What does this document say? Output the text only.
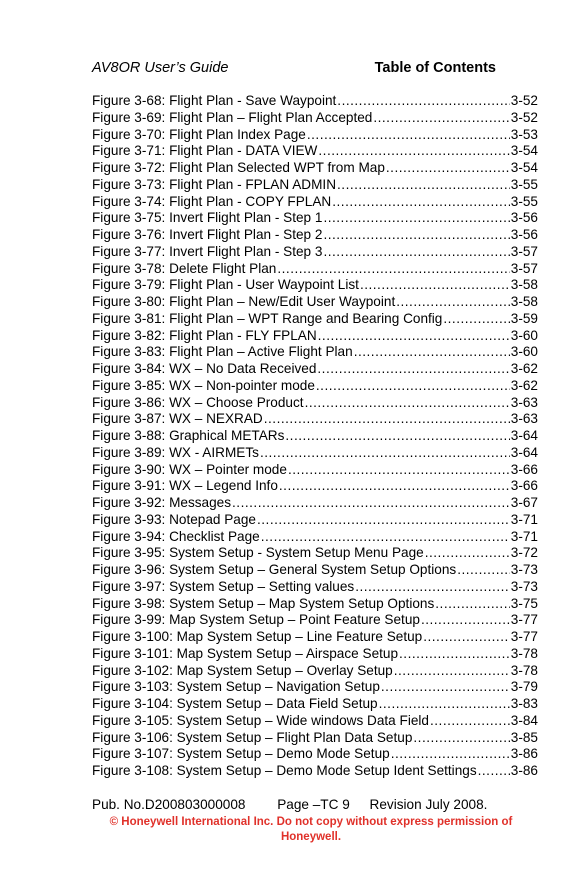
AV8OR User’s Guide	Table of Contents
Figure 3-68: Flight Plan - Save Waypoint .....	3-52
Figure 3-69: Flight Plan – Flight Plan Accepted .....	3-52
Figure 3-70: Flight Plan Index Page .....	3-53
Figure 3-71: Flight Plan - DATA VIEW .....	3-54
Figure 3-72: Flight Plan Selected WPT from Map .....	3-54
Figure 3-73: Flight Plan - FPLAN ADMIN .....	3-55
Figure 3-74: Flight Plan - COPY FPLAN .....	3-55
Figure 3-75: Invert Flight Plan - Step 1 .....	3-56
Figure 3-76: Invert Flight Plan - Step 2 .....	3-56
Figure 3-77: Invert Flight Plan - Step 3 .....	3-57
Figure 3-78: Delete Flight Plan .....	3-57
Figure 3-79: Flight Plan - User Waypoint List .....	3-58
Figure 3-80: Flight Plan – New/Edit User Waypoint .....	3-58
Figure 3-81: Flight Plan – WPT Range and Bearing Config .....	3-59
Figure 3-82: Flight Plan - FLY FPLAN .....	3-60
Figure 3-83: Flight Plan – Active Flight Plan .....	3-60
Figure 3-84: WX – No Data Received .....	3-62
Figure 3-85: WX – Non-pointer mode .....	3-62
Figure 3-86: WX – Choose Product .....	3-63
Figure 3-87: WX – NEXRAD .....	3-63
Figure 3-88: Graphical METARs .....	3-64
Figure 3-89: WX - AIRMETs .....	3-64
Figure 3-90: WX – Pointer mode .....	3-66
Figure 3-91: WX – Legend Info .....	3-66
Figure 3-92: Messages .....	3-67
Figure 3-93: Notepad Page .....	3-71
Figure 3-94: Checklist Page .....	3-71
Figure 3-95: System Setup - System Setup Menu Page .....	3-72
Figure 3-96: System Setup – General System Setup Options .....	3-73
Figure 3-97: System Setup – Setting values .....	3-73
Figure 3-98: System Setup – Map System Setup Options .....	3-75
Figure 3-99: Map System Setup – Point Feature Setup .....	3-77
Figure 3-100: Map System Setup – Line Feature Setup .....	3-77
Figure 3-101: Map System Setup – Airspace Setup .....	3-78
Figure 3-102: Map System Setup – Overlay Setup .....	3-78
Figure 3-103: System Setup – Navigation Setup .....	3-79
Figure 3-104: System Setup – Data Field Setup .....	3-83
Figure 3-105: System Setup – Wide windows Data Field .....	3-84
Figure 3-106: System Setup – Flight Plan Data Setup .....	3-85
Figure 3-107: System Setup – Demo Mode Setup .....	3-86
Figure 3-108: System Setup – Demo Mode Setup Ident Settings .....	3-86
Pub. No.D200803000008 Page –TC 9 Revision July 2008.
© Honeywell International Inc. Do not copy without express permission of
Honeywell.
